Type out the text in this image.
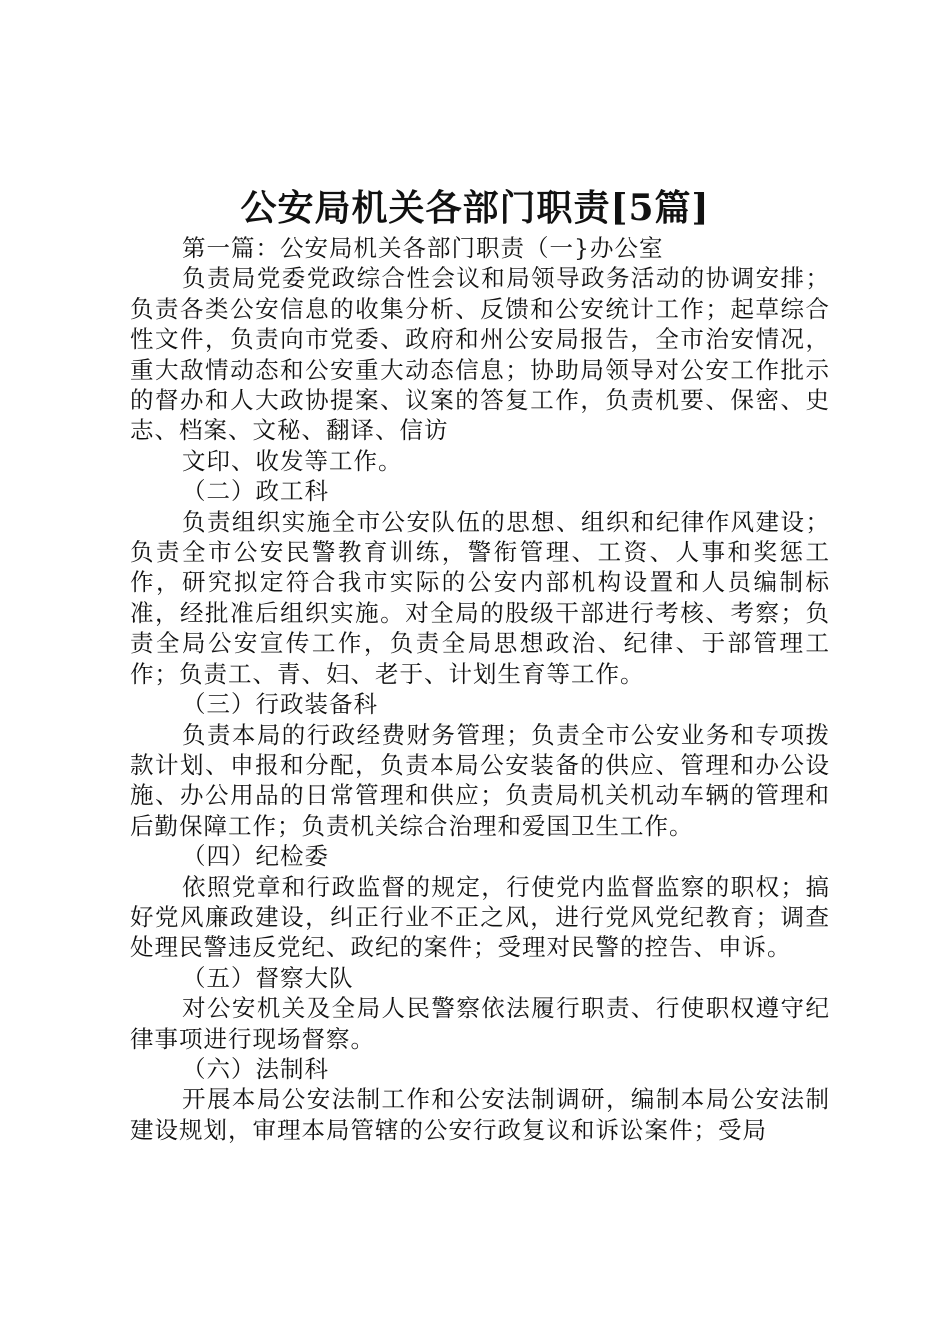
公安局机关各部门职责[5篇]

第一篇：公安局机关各部门职责（一}办公室

负责局党委党政综合性会议和局领导政务活动的协调安排；负责各类公安信息的收集分析、反馈和公安统计工作；起草综合性文件，负责向市党委、政府和州公安局报告，全市治安情况，重大敌情动态和公安重大动态信息；协助局领导对公安工作批示的督办和人大政协提案、议案的答复工作，负责机要、保密、史志、档案、文秘、翻译、信访

文印、收发等工作。

（二）政工科

负责组织实施全市公安队伍的思想、组织和纪律作风建设；负责全市公安民警教育训练，警衔管理、工资、人事和奖惩工作，研究拟定符合我市实际的公安内部机构设置和人员编制标准，经批准后组织实施。对全局的股级干部进行考核、考察；负责全局公安宣传工作，负责全局思想政治、纪律、于部管理工作；负责工、青、妇、老于、计划生育等工作。

（三）行政装备科

负责本局的行政经费财务管理；负责全市公安业务和专项拨款计划、申报和分配，负责本局公安装备的供应、管理和办公设施、办公用品的日常管理和供应；负责局机关机动车辆的管理和后勤保障工作；负责机关综合治理和爱国卫生工作。

（四）纪检委

依照党章和行政监督的规定，行使党内监督监察的职权；搞好党风廉政建设，纠正行业不正之风，进行党风党纪教育；调查处理民警违反党纪、政纪的案件；受理对民警的控告、申诉。

（五）督察大队

对公安机关及全局人民警察依法履行职责、行使职权遵守纪律事项进行现场督察。

（六）法制科

开展本局公安法制工作和公安法制调研，编制本局公安法制建设规划，审理本局管辖的公安行政复议和诉讼案件；受局
